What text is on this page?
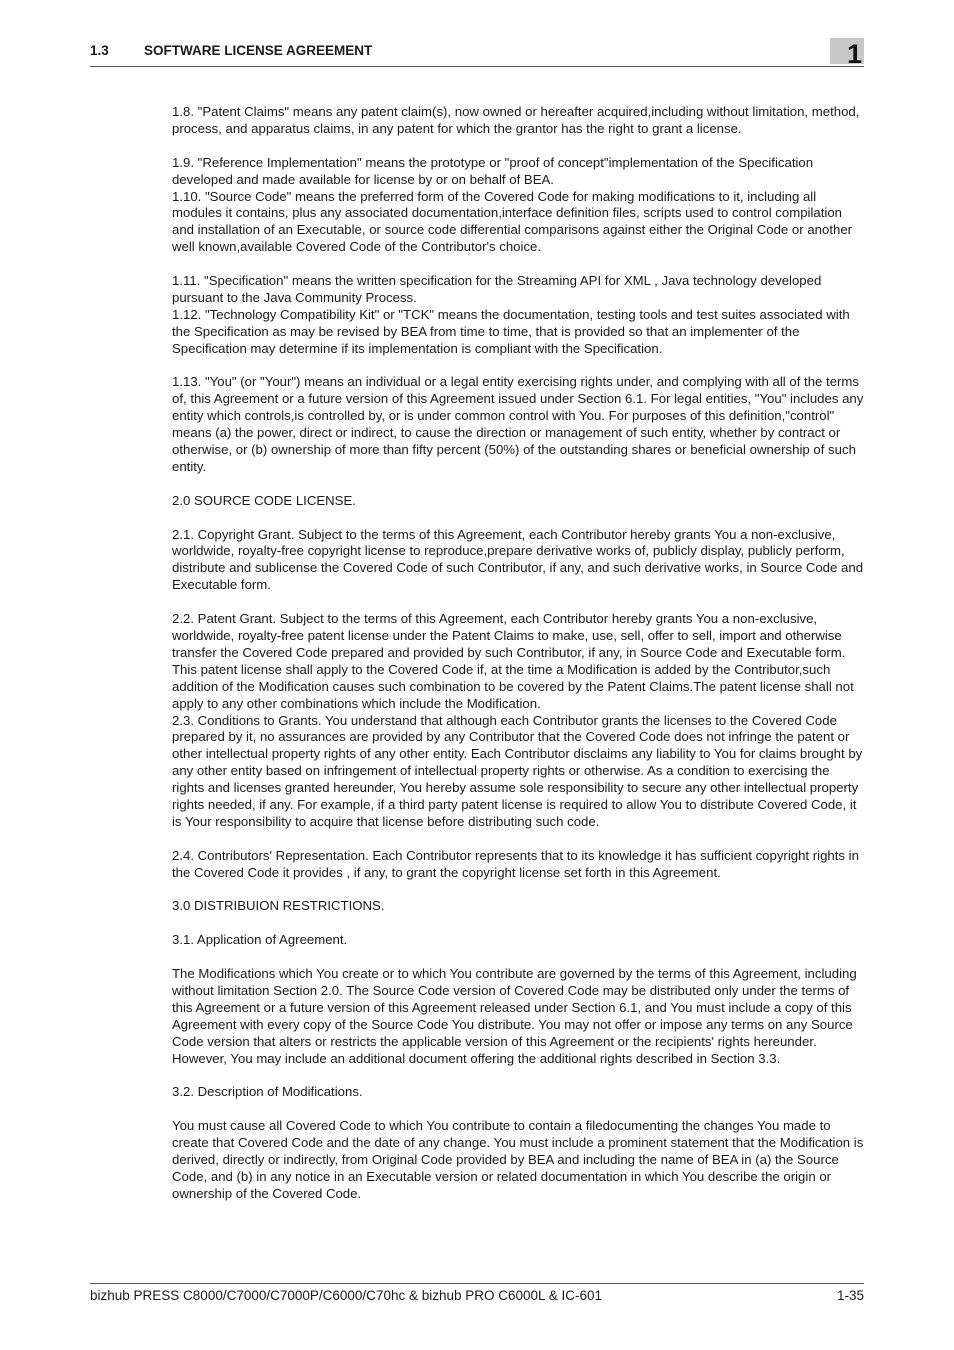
1.3	SOFTWARE LICENSE AGREEMENT	1

1.8. "Patent Claims" means any patent claim(s), now owned or hereafter acquired,including without limitation, method, process, and apparatus claims, in any patent for which the grantor has the right to grant a license.

1.9. "Reference Implementation" means the prototype or "proof of concept"implementation of the Specification developed and made available for license by or on behalf of BEA.

1.10. "Source Code" means the preferred form of the Covered Code for making modifications to it, including all modules it contains, plus any associated documentation,interface definition files, scripts used to control compilation and installation of an Executable, or source code differential comparisons against either the Original Code or another well known,available Covered Code of the Contributor's choice.

1.11. "Specification" means the written specification for the Streaming API for XML , Java technology developed pursuant to the Java Community Process.

1.12. "Technology Compatibility Kit" or "TCK" means the documentation, testing tools and test suites associated with the Specification as may be revised by BEA from time to time, that is provided so that an implementer of the Specification may determine if its implementation is compliant with the Specification.

1.13. "You" (or "Your") means an individual or a legal entity exercising rights under, and complying with all of the terms of, this Agreement or a future version of this Agreement issued under Section 6.1. For legal entities, "You" includes any entity which controls,is controlled by, or is under common control with You. For purposes of this definition,"control" means (a) the power, direct or indirect, to cause the direction or management of such entity, whether by contract or otherwise, or (b) ownership of more than fifty percent (50%) of the outstanding shares or beneficial ownership of such entity.

2.0 SOURCE CODE LICENSE.

2.1. Copyright Grant. Subject to the terms of this Agreement, each Contributor hereby grants You a non-exclusive, worldwide, royalty-free copyright license to reproduce,prepare derivative works of, publicly display, publicly perform, distribute and sublicense the Covered Code of such Contributor, if any, and such derivative works, in Source Code and Executable form.

2.2. Patent Grant. Subject to the terms of this Agreement, each Contributor hereby grants You a non-exclusive, worldwide, royalty-free patent license under the Patent Claims to make, use, sell, offer to sell, import and otherwise transfer the Covered Code prepared and provided by such Contributor, if any, in Source Code and Executable form. This patent license shall apply to the Covered Code if, at the time a Modification is added by the Contributor,such addition of the Modification causes such combination to be covered by the Patent Claims.The patent license shall not apply to any other combinations which include the Modification.

2.3. Conditions to Grants. You understand that although each Contributor grants the licenses to the Covered Code prepared by it, no assurances are provided by any Contributor that the Covered Code does not infringe the patent or other intellectual property rights of any other entity. Each Contributor disclaims any liability to You for claims brought by any other entity based on infringement of intellectual property rights or otherwise. As a condition to exercising the rights and licenses granted hereunder, You hereby assume sole responsibility to secure any other intellectual property rights needed, if any. For example, if a third party patent license is required to allow You to distribute Covered Code, it is Your responsibility to acquire that license before distributing such code.

2.4. Contributors' Representation. Each Contributor represents that to its knowledge it has sufficient copyright rights in the Covered Code it provides , if any, to grant the copyright license set forth in this Agreement.

3.0 DISTRIBUION RESTRICTIONS.

3.1. Application of Agreement.

The Modifications which You create or to which You contribute are governed by the terms of this Agreement, including without limitation Section 2.0. The Source Code version of Covered Code may be distributed only under the terms of this Agreement or a future version of this Agreement released under Section 6.1, and You must include a copy of this Agreement with every copy of the Source Code You distribute. You may not offer or impose any terms on any Source Code version that alters or restricts the applicable version of this Agreement or the recipients' rights hereunder. However, You may include an additional document offering the additional rights described in Section 3.3.

3.2. Description of Modifications.

You must cause all Covered Code to which You contribute to contain a filedocumenting the changes You made to create that Covered Code and the date of any change. You must include a prominent statement that the Modification is derived, directly or indirectly, from Original Code provided by BEA and including the name of BEA in (a) the Source Code, and (b) in any notice in an Executable version or related documentation in which You describe the origin or ownership of the Covered Code.

bizhub PRESS C8000/C7000/C7000P/C6000/C70hc & bizhub PRO C6000L & IC-601	1-35
